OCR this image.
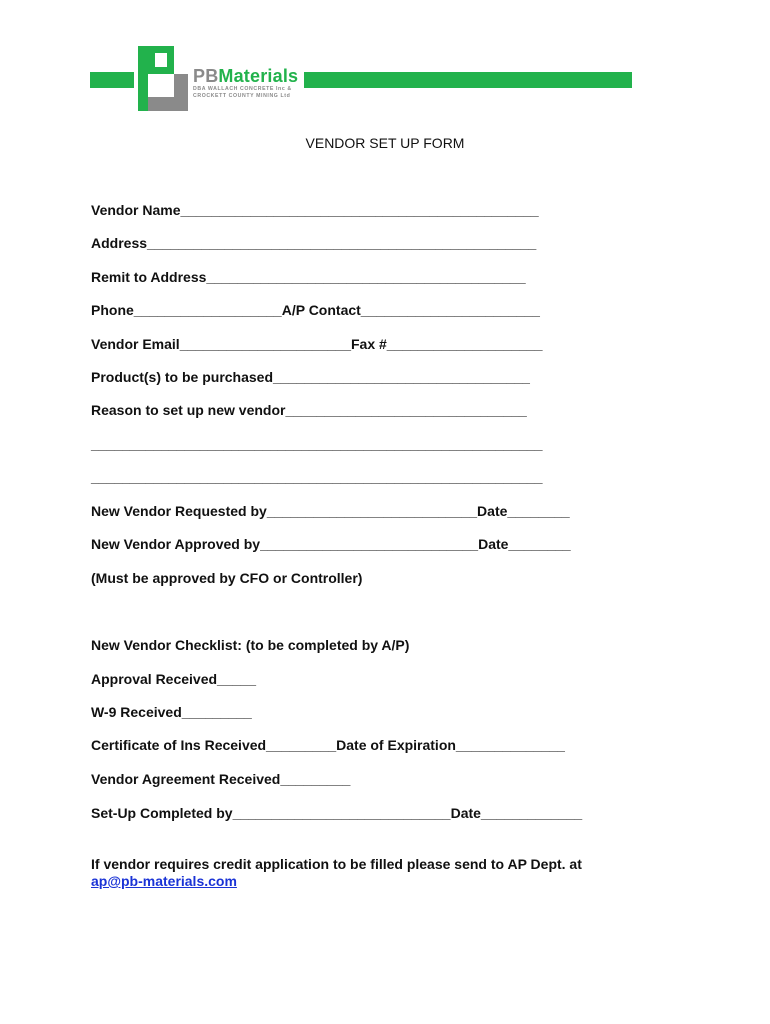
PBMaterials
DBA WALLACH CONCRETE Inc &
CROCKETT COUNTY MINING Ltd
VENDOR SET UP FORM
Vendor Name______________________________________________
Address__________________________________________________
Remit to Address_________________________________________
Phone___________________A/P Contact_______________________
Vendor Email______________________Fax #____________________
Product(s) to be purchased_________________________________
Reason to set up new vendor_______________________________
__________________________________________________________
__________________________________________________________
New Vendor Requested by___________________________Date________
New Vendor Approved by____________________________Date________
(Must be approved by CFO or Controller)
New Vendor Checklist: (to be completed by A/P)
Approval Received_____
W-9 Received_________
Certificate of Ins Received_________Date of Expiration______________
Vendor Agreement Received_________
Set-Up Completed by____________________________Date_____________
If vendor requires credit application to be filled please send to AP Dept. at
ap@pb-materials.com
